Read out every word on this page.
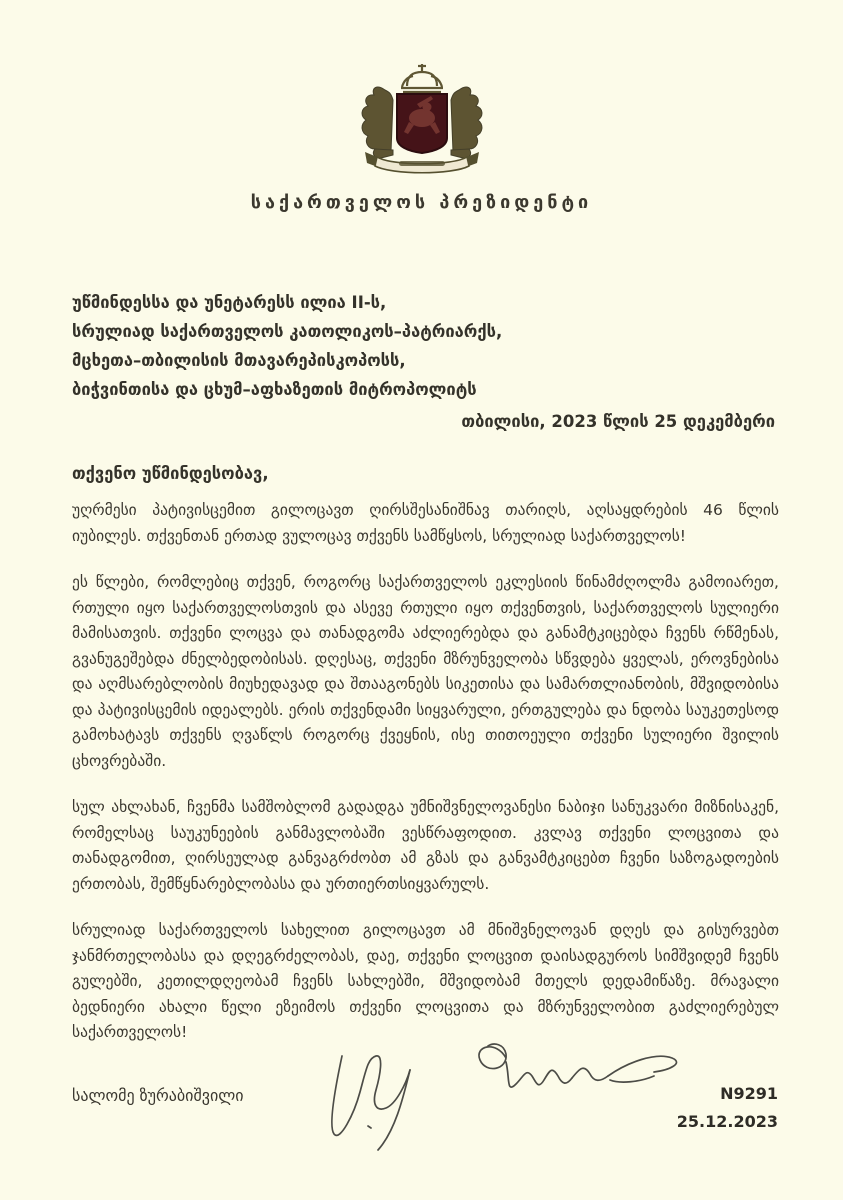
საქართველოს პრეზიდენტი
უწმინდესსა და უნეტარესს ილია II-ს,
სრულიად საქართველოს კათოლიკოს–პატრიარქს,
მცხეთა–თბილისის მთავარეპისკოპოსს,
ბიჭვინთისა და ცხუმ–აფხაზეთის მიტროპოლიტს
თბილისი, 2023 წლის 25 დეკემბერი
თქვენო უწმინდესობავ,

უღრმესი პატივისცემით გილოცავთ ღირსშესანიშნავ თარიღს, აღსაყდრების 46 წლის იუბილეს. თქვენთან ერთად ვულოცავ თქვენს სამწყსოს, სრულიად საქართველოს!

ეს წლები, რომლებიც თქვენ, როგორც საქართველოს ეკლესიის წინამძღოლმა გამოიარეთ, რთული იყო საქართველოსთვის და ასევე რთული იყო თქვენთვის, საქართველოს სულიერი მამისათვის. თქვენი ლოცვა და თანადგომა აძლიერებდა და განამტკიცებდა ჩვენს რწმენას, გვანუგეშებდა ძნელბედობისას. დღესაც, თქვენი მზრუნველობა სწვდება ყველას, ეროვნებისა და აღმსარებლობის მიუხედავად და შთააგონებს სიკეთისა და სამართლიანობის, მშვიდობისა და პატივისცემის იდეალებს. ერის თქვენდამი სიყვარული, ერთგულება და ნდობა საუკეთესოდ გამოხატავს თქვენს ღვაწლს როგორც ქვეყნის, ისე თითოეული თქვენი სულიერი შვილის ცხოვრებაში.

სულ ახლახან, ჩვენმა სამშობლომ გადადგა უმნიშვნელოვანესი ნაბიჯი სანუკვარი მიზნისაკენ, რომელსაც საუკუნეების განმავლობაში ვესწრაფოდით. კვლავ თქვენი ლოცვითა და თანადგომით, ღირსეულად განვაგრძობთ ამ გზას და განვამტკიცებთ ჩვენი საზოგადოების ერთობას, შემწყნარებლობასა და ურთიერთსიყვარულს.

სრულიად საქართველოს სახელით გილოცავთ ამ მნიშვნელოვან დღეს და გისურვებთ ჯანმრთელობასა და დღეგრძელობას, დაე, თქვენი ლოცვით დაისადგუროს სიმშვიდემ ჩვენს გულებში, კეთილდღეობამ ჩვენს სახლებში, მშვიდობამ მთელს დედამიწაზე. მრავალი ბედნიერი ახალი წელი ეზეიმოს თქვენი ლოცვითა და მზრუნველობით გაძლიერებულ საქართველოს!

სალომე ზურაბიშვილი	N9291
25.12.2023
